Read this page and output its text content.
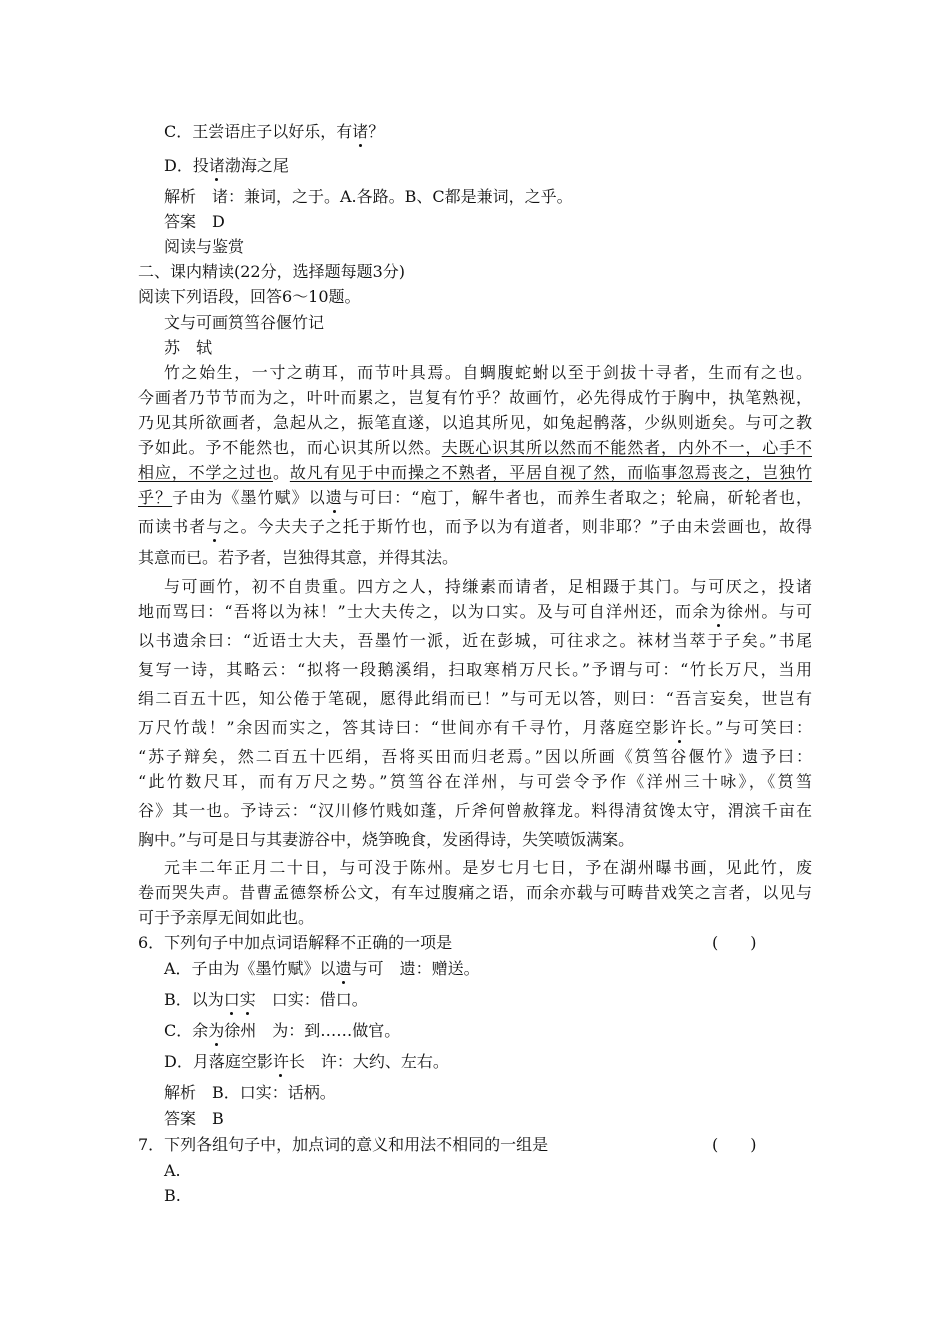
C．王尝语庄子以好乐，有诸？
D．投诸渤海之尾
解析　诸：兼词，之于。A.各路。B、C都是兼词，之乎。
答案　D
阅读与鉴赏
二、课内精读(22分，选择题每题3分)
阅读下列语段，回答6～10题。
文与可画筼筜谷偃竹记
苏　轼
竹之始生，一寸之萌耳，而节叶具焉。自蜩腹蛇蚹以至于剑拔十寻者，生而有之也。
今画者乃节节而为之，叶叶而累之，岂复有竹乎？故画竹，必先得成竹于胸中，执笔熟视，
乃见其所欲画者，急起从之，振笔直遂，以追其所见，如兔起鹘落，少纵则逝矣。与可之教
予如此。予不能然也，而心识其所以然。夫既心识其所以然而不能然者，内外不一，心手不
相应，不学之过也。故凡有见于中而操之不熟者，平居自视了然，而临事忽焉丧之，岂独竹
乎？子由为《墨竹赋》以遗与可曰：“庖丁，解牛者也，而养生者取之；轮扁，斫轮者也，
而读书者与之。今夫夫子之托于斯竹也，而予以为有道者，则非耶？”子由未尝画也，故得
其意而已。若予者，岂独得其意，并得其法。
与可画竹，初不自贵重。四方之人，持缣素而请者，足相蹑于其门。与可厌之，投诸
地而骂曰：“吾将以为袜！”士大夫传之，以为口实。及与可自洋州还，而余为徐州。与可
以书遗余曰：“近语士大夫，吾墨竹一派，近在彭城，可往求之。袜材当萃于子矣。”书尾
复写一诗，其略云：“拟将一段鹅溪绢，扫取寒梢万尺长。”予谓与可：“竹长万尺，当用
绢二百五十匹，知公倦于笔砚，愿得此绢而已！”与可无以答，则曰：“吾言妄矣，世岂有
万尺竹哉！”余因而实之，答其诗曰：“世间亦有千寻竹，月落庭空影许长。”与可笑曰：
“苏子辩矣，然二百五十匹绢，吾将买田而归老焉。”因以所画《筼筜谷偃竹》遗予曰：
“此竹数尺耳，而有万尺之势。”筼筜谷在洋州，与可尝令予作《洋州三十咏》，《筼筜
谷》其一也。予诗云：“汉川修竹贱如蓬，斤斧何曾赦箨龙。料得清贫馋太守，渭滨千亩在
胸中。”与可是日与其妻游谷中，烧笋晚食，发函得诗，失笑喷饭满案。
元丰二年正月二十日，与可没于陈州。是岁七月七日，予在湖州曝书画，见此竹，废
卷而哭失声。昔曹孟德祭桥公文，有车过腹痛之语，而余亦载与可畴昔戏笑之言者，以见与
可于予亲厚无间如此也。
6．下列句子中加点词语解释不正确的一项是	(　　)
A．子由为《墨竹赋》以遗与可　遗：赠送。
B．以为口实　口实：借口。
C．余为徐州　为：到……做官。
D．月落庭空影许长　许：大约、左右。
解析　B．口实：话柄。
答案　B
7．下列各组句子中，加点词的意义和用法不相同的一组是	(　　)
A.
B.
